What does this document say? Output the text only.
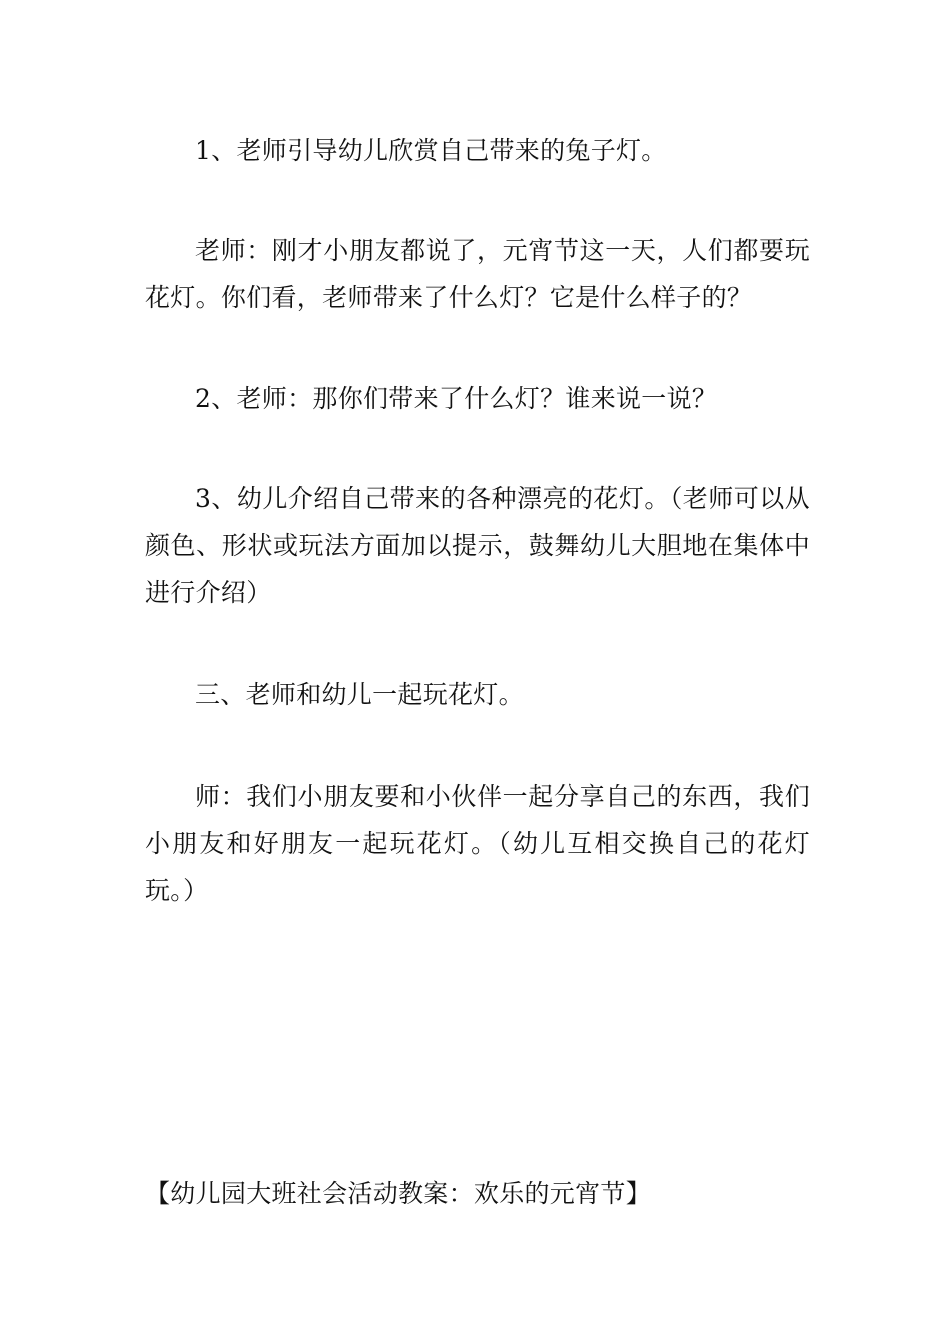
1、老师引导幼儿欣赏自己带来的兔子灯。

老师：刚才小朋友都说了，元宵节这一天，人们都要玩花灯。你们看，老师带来了什么灯？它是什么样子的？

2、老师：那你们带来了什么灯？谁来说一说？

3、幼儿介绍自己带来的各种漂亮的花灯。（老师可以从颜色、形状或玩法方面加以提示，鼓舞幼儿大胆地在集体中进行介绍）

三、老师和幼儿一起玩花灯。

师：我们小朋友要和小伙伴一起分享自己的东西，我们小朋友和好朋友一起玩花灯。（幼儿互相交换自己的花灯玩。）

【幼儿园大班社会活动教案：欢乐的元宵节】
